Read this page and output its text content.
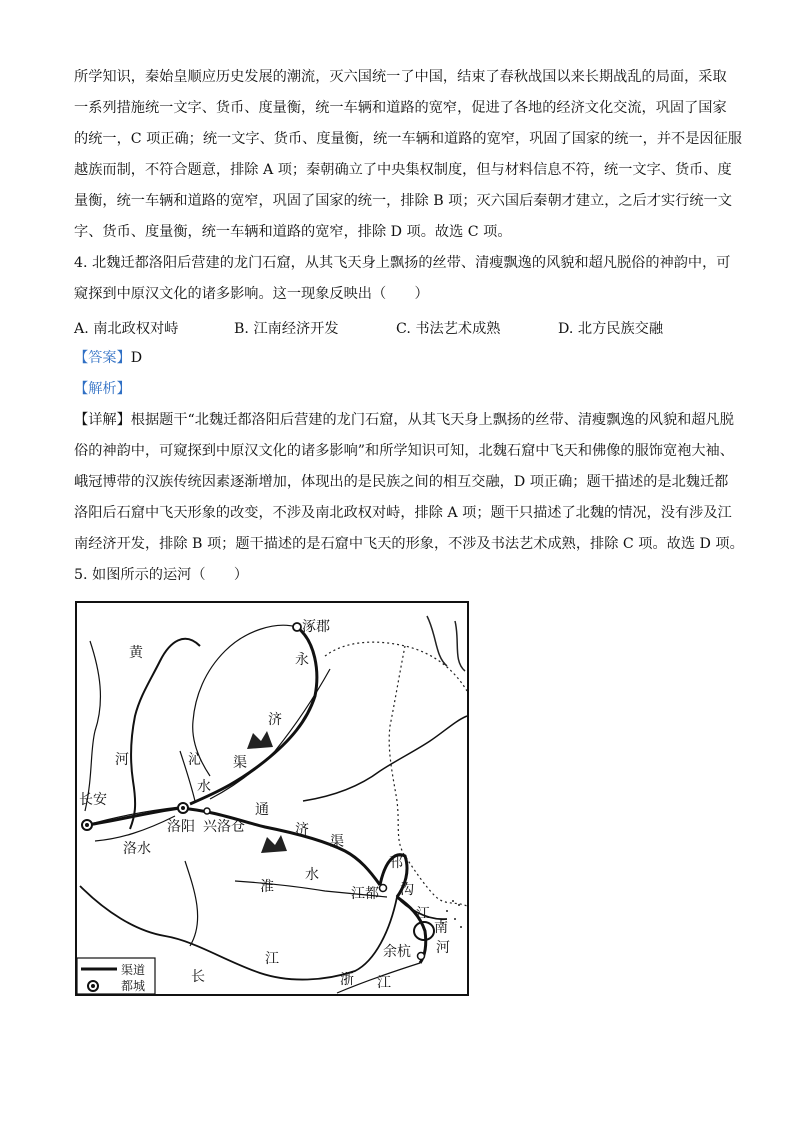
所学知识，秦始皇顺应历史发展的潮流，灭六国统一了中国，结束了春秋战国以来长期战乱的局面，采取
一系列措施统一文字、货币、度量衡，统一车辆和道路的宽窄，促进了各地的经济文化交流，巩固了国家
的统一，C 项正确；统一文字、货币、度量衡，统一车辆和道路的宽窄，巩固了国家的统一，并不是因征服
越族而制，不符合题意，排除 A 项；秦朝确立了中央集权制度，但与材料信息不符，统一文字、货币、度
量衡，统一车辆和道路的宽窄，巩固了国家的统一，排除 B 项；灭六国后秦朝才建立，之后才实行统一文
字、货币、度量衡，统一车辆和道路的宽窄，排除 D 项。故选 C 项。
4. 北魏迁都洛阳后营建的龙门石窟，从其飞天身上飘扬的丝带、清瘦飘逸的风貌和超凡脱俗的神韵中，可
窥探到中原汉文化的诸多影响。这一现象反映出（　　）
A. 南北政权对峙	B. 江南经济开发	C. 书法艺术成熟	D. 北方民族交融
【答案】D
【解析】
【详解】根据题干“北魏迁都洛阳后营建的龙门石窟，从其飞天身上飘扬的丝带、清瘦飘逸的风貌和超凡脱
俗的神韵中，可窥探到中原汉文化的诸多影响”和所学知识可知，北魏石窟中飞天和佛像的服饰宽袍大袖、
峨冠博带的汉族传统因素逐渐增加，体现出的是民族之间的相互交融，D 项正确；题干描述的是北魏迁都
洛阳后石窟中飞天形象的改变，不涉及南北政权对峙，排除 A 项；题干只描述了北魏的情况，没有涉及江
南经济开发，排除 B 项；题干描述的是石窟中飞天的形象，不涉及书法艺术成熟，排除 C 项。故选 D 项。
5. 如图所示的运河（　　）
涿郡
黄
河
永
济
沁
水
渠
长安
洛阳 兴洛仓
通
济
渠
洛水
邗
沟
淮
水
江都
江
南
河
余杭
江
长	浙 江
渠道
都城
